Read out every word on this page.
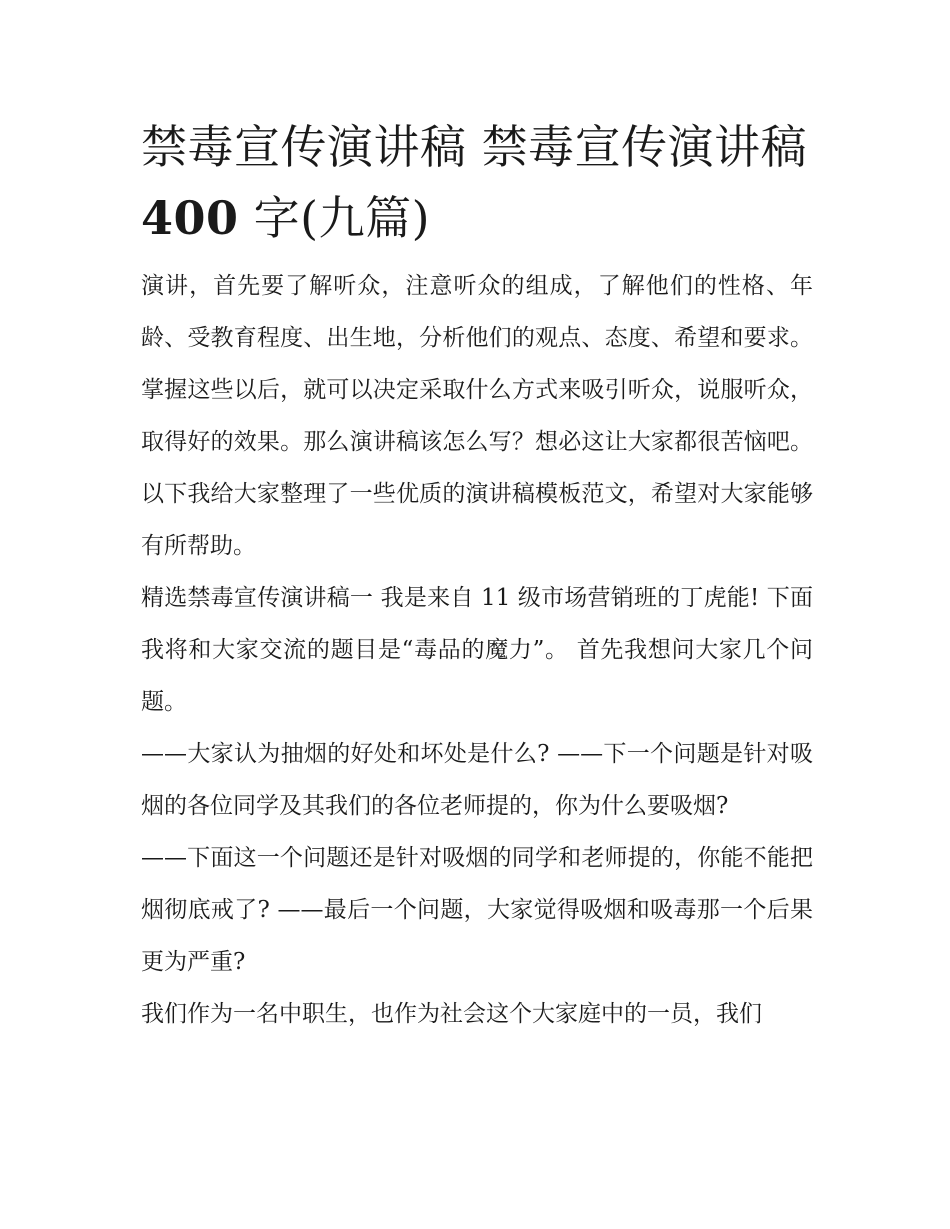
禁毒宣传演讲稿 禁毒宣传演讲稿 400 字(九篇)

演讲，首先要了解听众，注意听众的组成，了解他们的性格、年龄、受教育程度、出生地，分析他们的观点、态度、希望和要求。掌握这些以后，就可以决定采取什么方式来吸引听众，说服听众，取得好的效果。那么演讲稿该怎么写？想必这让大家都很苦恼吧。以下我给大家整理了一些优质的演讲稿模板范文，希望对大家能够有所帮助。

精选禁毒宣传演讲稿一 我是来自 11 级市场营销班的丁虎能! 下面我将和大家交流的题目是“毒品的魔力”。 首先我想问大家几个问题。

——大家认为抽烟的好处和坏处是什么? ——下一个问题是针对吸烟的各位同学及其我们的各位老师提的，你为什么要吸烟?

——下面这一个问题还是针对吸烟的同学和老师提的，你能不能把烟彻底戒了? ——最后一个问题，大家觉得吸烟和吸毒那一个后果更为严重?

我们作为一名中职生，也作为社会这个大家庭中的一员，我们
